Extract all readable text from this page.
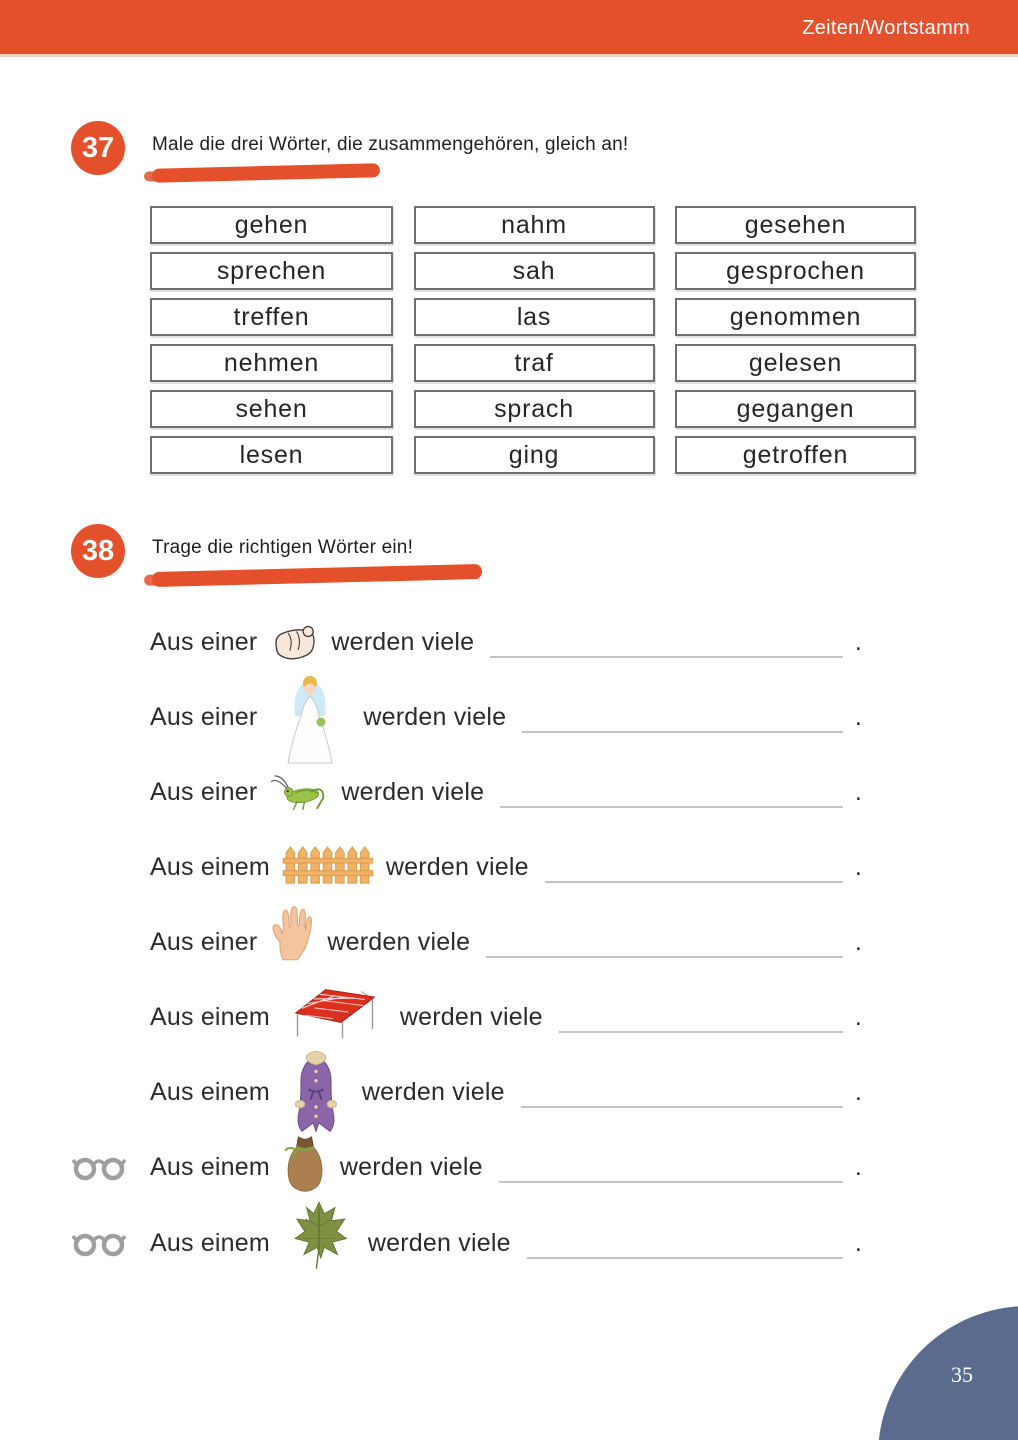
Zeiten/Wortstamm
37 Male die drei Wörter, die zusammengehören, gleich an!
gehen	nahm	gesehen
sprechen	sah	gesprochen
treffen	las	genommen
nehmen	traf	gelesen
sehen	sprach	gegangen
lesen	ging	getroffen
38 Trage die richtigen Wörter ein!
Aus einer	werden viele	.
Aus einer	werden viele	.
Aus einer	werden viele	.
Aus einem	werden viele	.
Aus einer	werden viele	.
Aus einem	werden viele	.
Aus einem	werden viele	.
Aus einem	werden viele	.
Aus einem	werden viele	.
35
